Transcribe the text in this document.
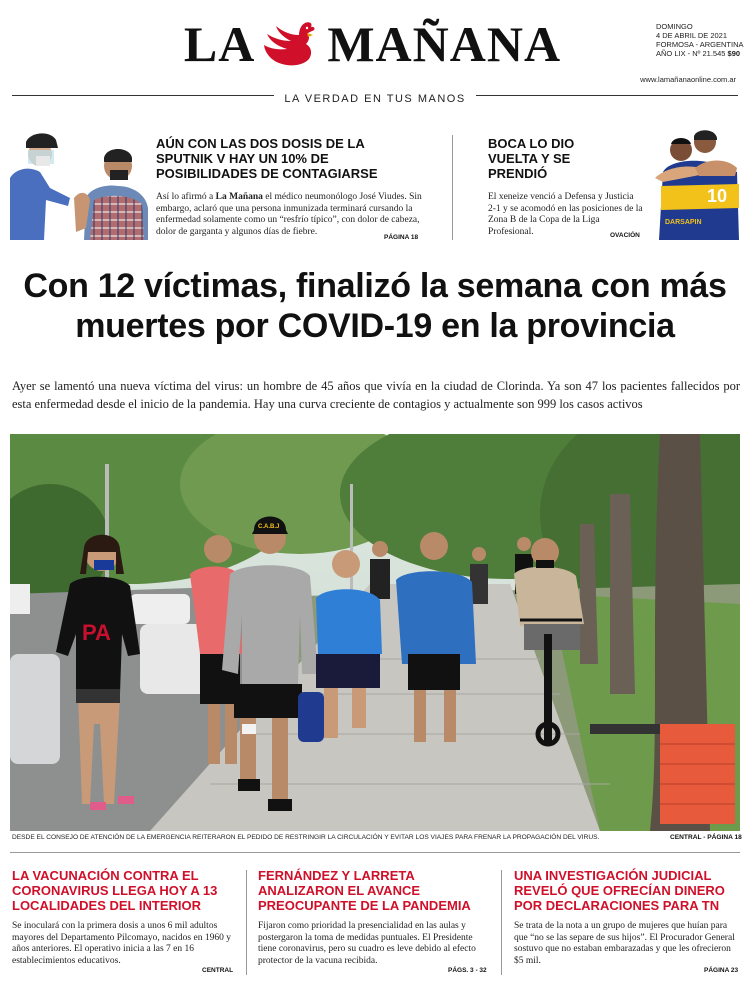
LA MAÑANA	DOMINGO
4 DE ABRIL DE 2021
FORMOSA - ARGENTINA
AÑO LIX - Nº 21.545 $90
www.lamañanaonline.com.ar
LA VERDAD EN TUS MANOS
AÚN CON LAS DOS DOSIS DE LA SPUTNIK V HAY UN 10% DE POSIBILIDADES DE CONTAGIARSE
Así lo afirmó a La Mañana el médico neumonólogo José Viudes. Sin embargo, aclaró que una persona inmunizada terminará cursando la enfermedad solamente como un “resfrío típico”, con dolor de cabeza, dolor de garganta y algunos días de fiebre.
PÁGINA 18
BOCA LO DIO VUELTA Y SE PRENDIÓ
El xeneize venció a Defensa y Justicia 2-1 y se acomodó en las posiciones de la Zona B de la Copa de la Liga Profesional.	OVACIÓN
10
DARSAPIN
Con 12 víctimas, finalizó la semana con más muertes por COVID-19 en la provincia

Ayer se lamentó una nueva víctima del virus: un hombre de 45 años que vivía en la ciudad de Clorinda. Ya son 47 los pacientes fallecidos por esta enfermedad desde el inicio de la pandemia. Hay una curva creciente de contagios y actualmente son 999 los casos activos

PA
C.A.B.J
DESDE EL CONSEJO DE ATENCIÓN DE LA EMERGENCIA REITERARON EL PEDIDO DE RESTRINGIR LA CIRCULACIÓN Y EVITAR LOS VIAJES PARA FRENAR LA PROPAGACIÓN DEL VIRUS.	CENTRAL - PÁGINA 18
LA VACUNACIÓN CONTRA EL CORONAVIRUS LLEGA HOY A 13 LOCALIDADES DEL INTERIOR
Se inoculará con la primera dosis a unos 6 mil adultos mayores del Departamento Pilcomayo, nacidos en 1960 y años anteriores. El operativo inicia a las 7 en 16 establecimientos educativos.
CENTRAL
FERNÁNDEZ Y LARRETA ANALIZARON EL AVANCE PREOCUPANTE DE LA PANDEMIA
Fijaron como prioridad la presencialidad en las aulas y postergaron la toma de medidas puntuales. El Presidente tiene coronavirus, pero su cuadro es leve debido al efecto protector de la vacuna recibida.
PÁGS. 3 - 32
UNA INVESTIGACIÓN JUDICIAL REVELÓ QUE OFRECÍAN DINERO POR DECLARACIONES PARA TN
Se trata de la nota a un grupo de mujeres que huían para que “no se las separe de sus hijos”. El Procurador General sostuvo que no estaban embarazadas y que les ofrecieron $5 mil.
PÁGINA 23
